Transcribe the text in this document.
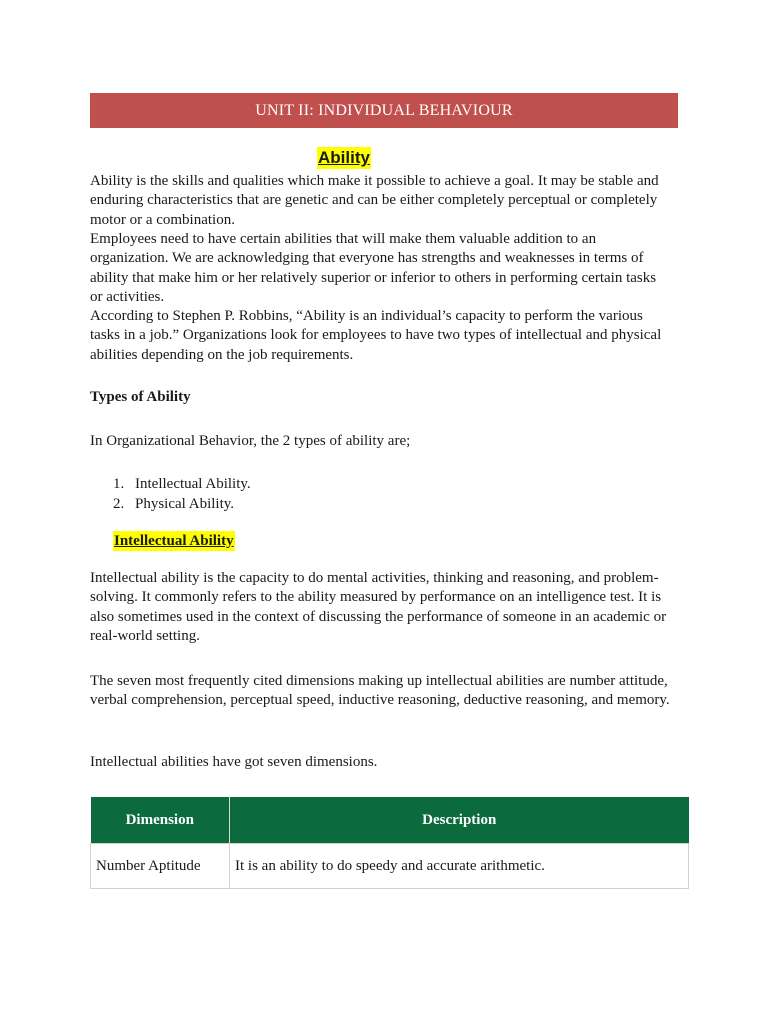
UNIT II: INDIVIDUAL BEHAVIOUR
Ability

Ability is the skills and qualities which make it possible to achieve a goal. It may be stable and enduring characteristics that are genetic and can be either completely perceptual or completely motor or a combination.

Employees need to have certain abilities that will make them valuable addition to an organization. We are acknowledging that everyone has strengths and weaknesses in terms of ability that make him or her relatively superior or inferior to others in performing certain tasks or activities.

According to Stephen P. Robbins, “Ability is an individual’s capacity to perform the various tasks in a job.” Organizations look for employees to have two types of intellectual and physical abilities depending on the job requirements.

Types of Ability

In Organizational Behavior, the 2 types of ability are;

1. Intellectual Ability.
2. Physical Ability.
Intellectual Ability

Intellectual ability is the capacity to do mental activities, thinking and reasoning, and problem-solving. It commonly refers to the ability measured by performance on an intelligence test. It is also sometimes used in the context of discussing the performance of someone in an academic or real-world setting.

The seven most frequently cited dimensions making up intellectual abilities are number attitude, verbal comprehension, perceptual speed, inductive reasoning, deductive reasoning, and memory.

Intellectual abilities have got seven dimensions.

Dimension	Description
Number Aptitude	It is an ability to do speedy and accurate arithmetic.
